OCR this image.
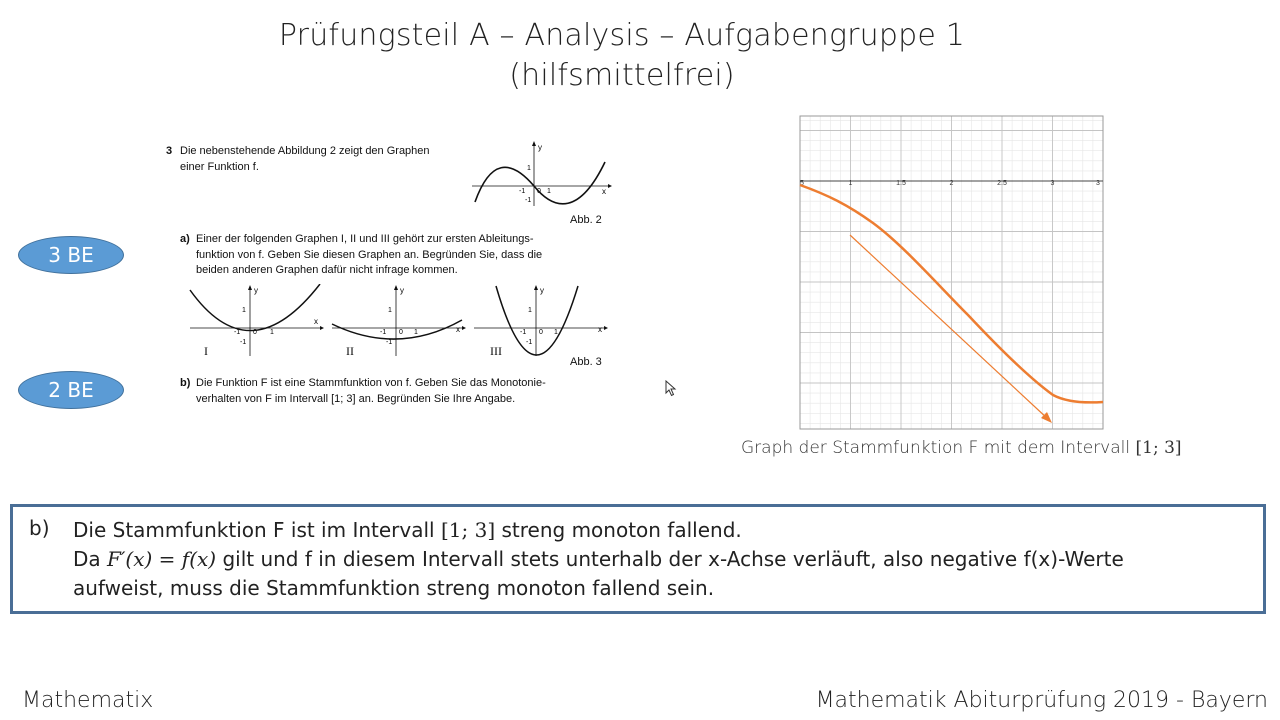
Prüfungsteil A – Analysis – Aufgabengruppe 1
(hilfsmittelfrei)
3 BE
2 BE
3 Die nebenstehende Abbildung 2 zeigt den Graphen
einer Funktion f.
y
x
1
-1 0 1
-1
Abb. 2
a) Einer der folgenden Graphen I, II und III gehört zur ersten Ableitungs-
funktion von f. Geben Sie diesen Graphen an. Begründen Sie, dass die
beiden anderen Graphen dafür nicht infrage kommen.
y
x
1
-1 0 1
-1
I
y
x
1
-1 0 1
-1
II
y
x
1
-1 0 1
-1
III
Abb. 3
b) Die Funktion F ist eine Stammfunktion von f. Geben Sie das Monotonie-
verhalten von F im Intervall [1; 3] an. Begründen Sie Ihre Angabe.
5	1	1.5	2	2.5	3	3
Graph der Stammfunktion F mit dem Intervall [1; 3]
b) Die Stammfunktion F ist im Intervall [1; 3] streng monoton fallend.
Da F′(x) = f(x) gilt und f in diesem Intervall stets unterhalb der x-Achse verläuft, also negative f(x)-Werte
aufweist, muss die Stammfunktion streng monoton fallend sein.
Mathematix	Mathematik Abiturprüfung 2019 - Bayern
